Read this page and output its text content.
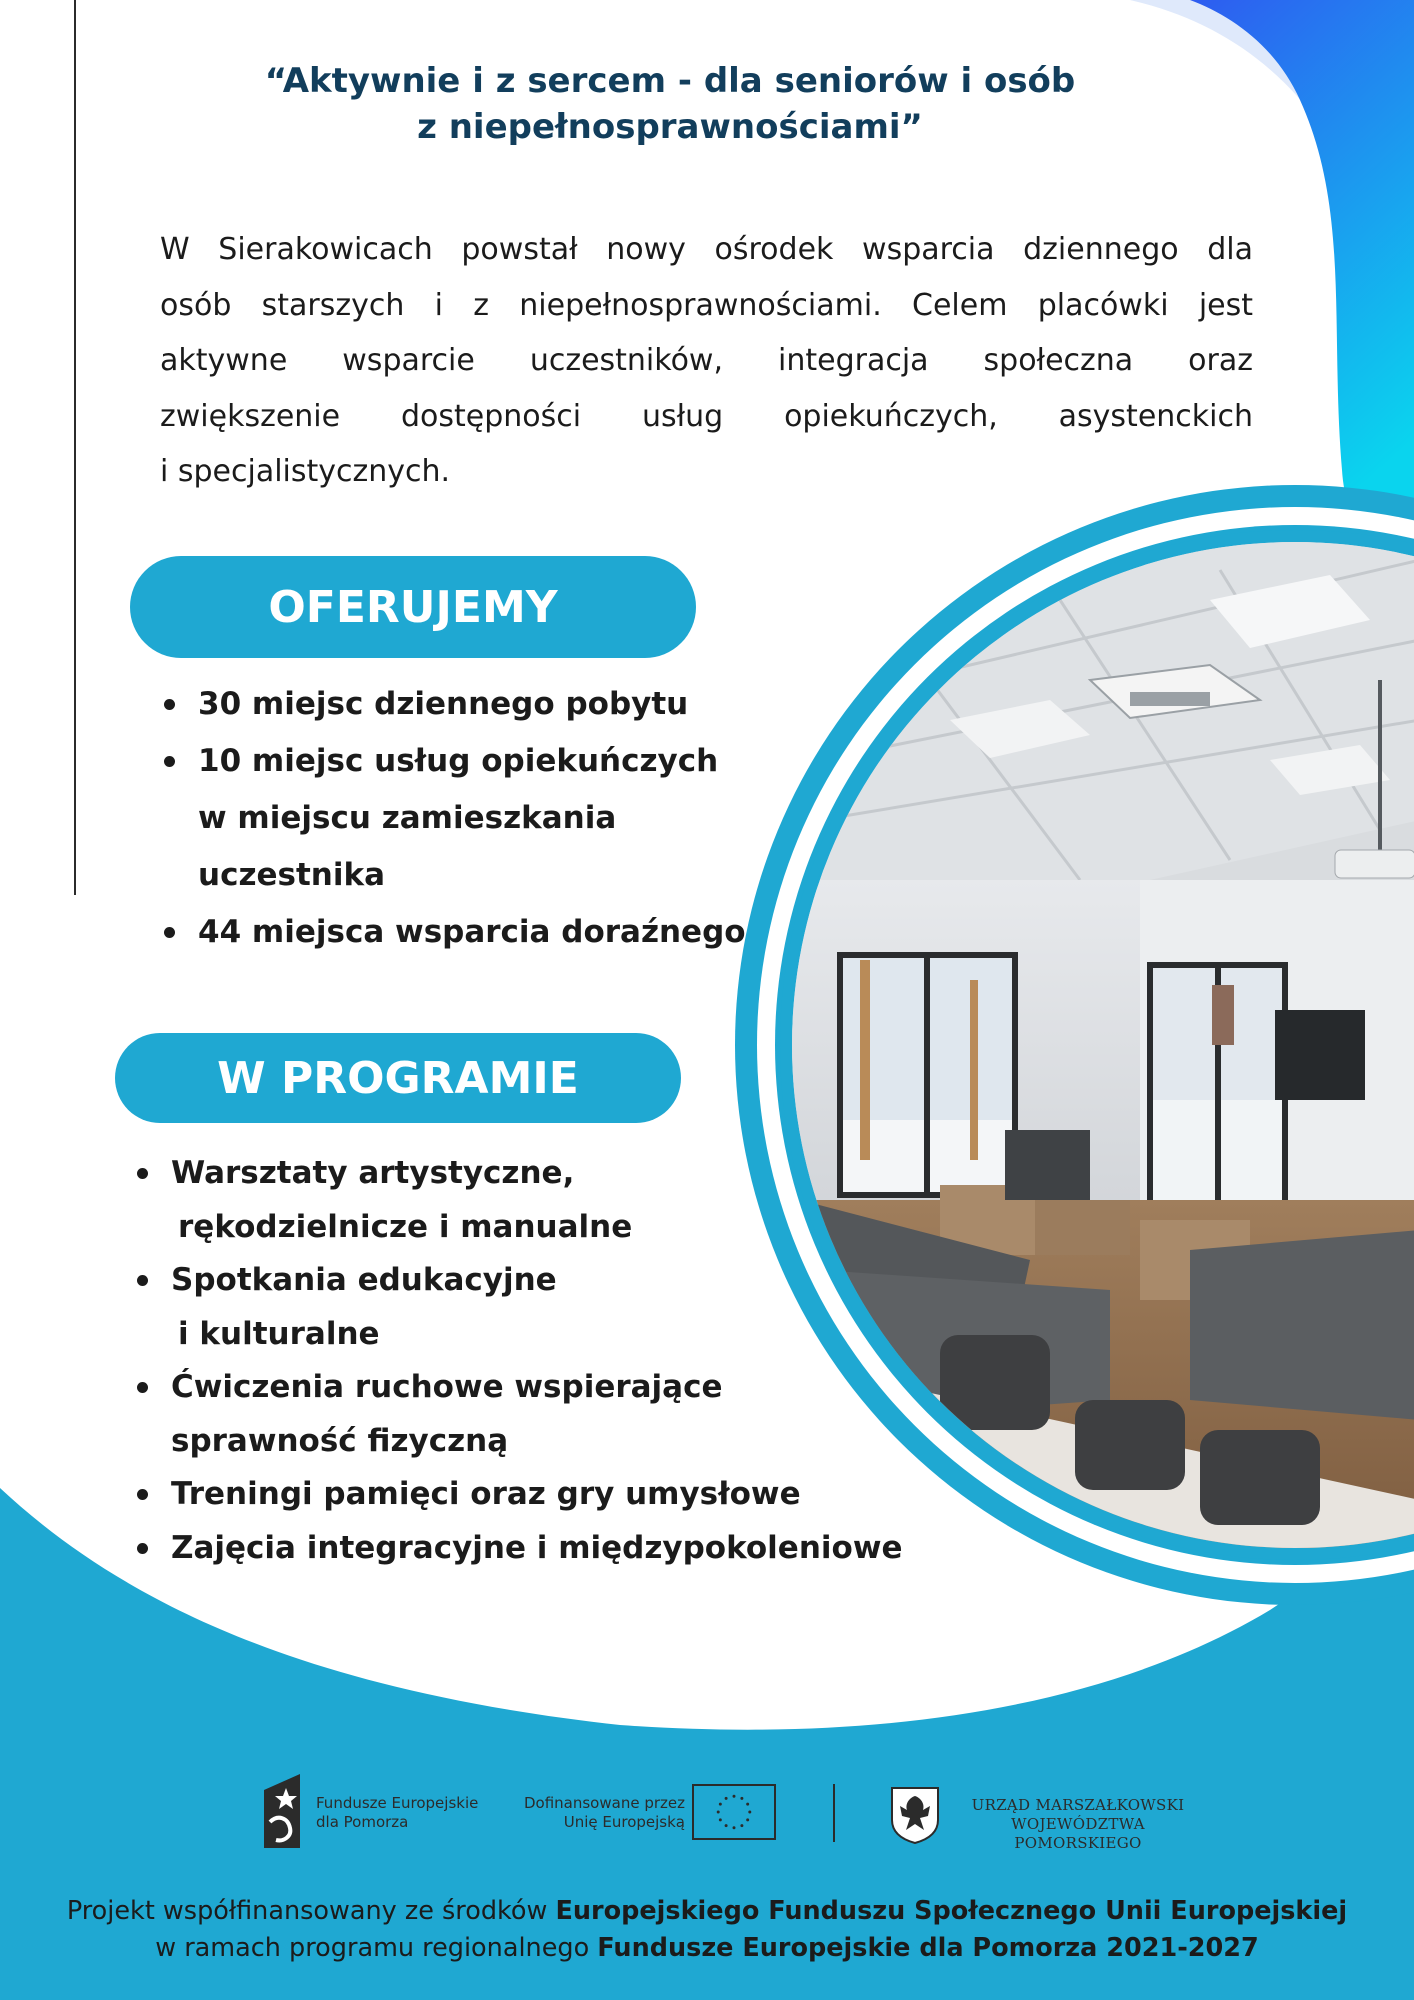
“Aktywnie i z sercem - dla seniorów i osób
z niepełnosprawnościami”
W Sierakowicach powstał nowy ośrodek wsparcia dziennego dla
osób starszych i z niepełnosprawnościami. Celem placówki jest
aktywne wsparcie uczestników, integracja społeczna oraz
zwiększenie dostępności usług opiekuńczych, asystenckich
i specjalistycznych.
OFERUJEMY
30 miejsc dziennego pobytu
10 miejsc usług opiekuńczych
w miejscu zamieszkania
uczestnika
44 miejsca wsparcia doraźnego
W PROGRAMIE
Warsztaty artystyczne,
rękodzielnicze i manualne
Spotkania edukacyjne
i kulturalne
Ćwiczenia ruchowe wspierające
sprawność fizyczną
Treningi pamięci oraz gry umysłowe
Zajęcia integracyjne i międzypokoleniowe
Fundusze Europejskie
dla Pomorza
Dofinansowane przez
Unię Europejską
URZĄD MARSZAŁKOWSKI
WOJEWÓDZTWA POMORSKIEGO
Projekt współfinansowany ze środków Europejskiego Funduszu Społecznego Unii Europejskiej
w ramach programu regionalnego Fundusze Europejskie dla Pomorza 2021-2027
